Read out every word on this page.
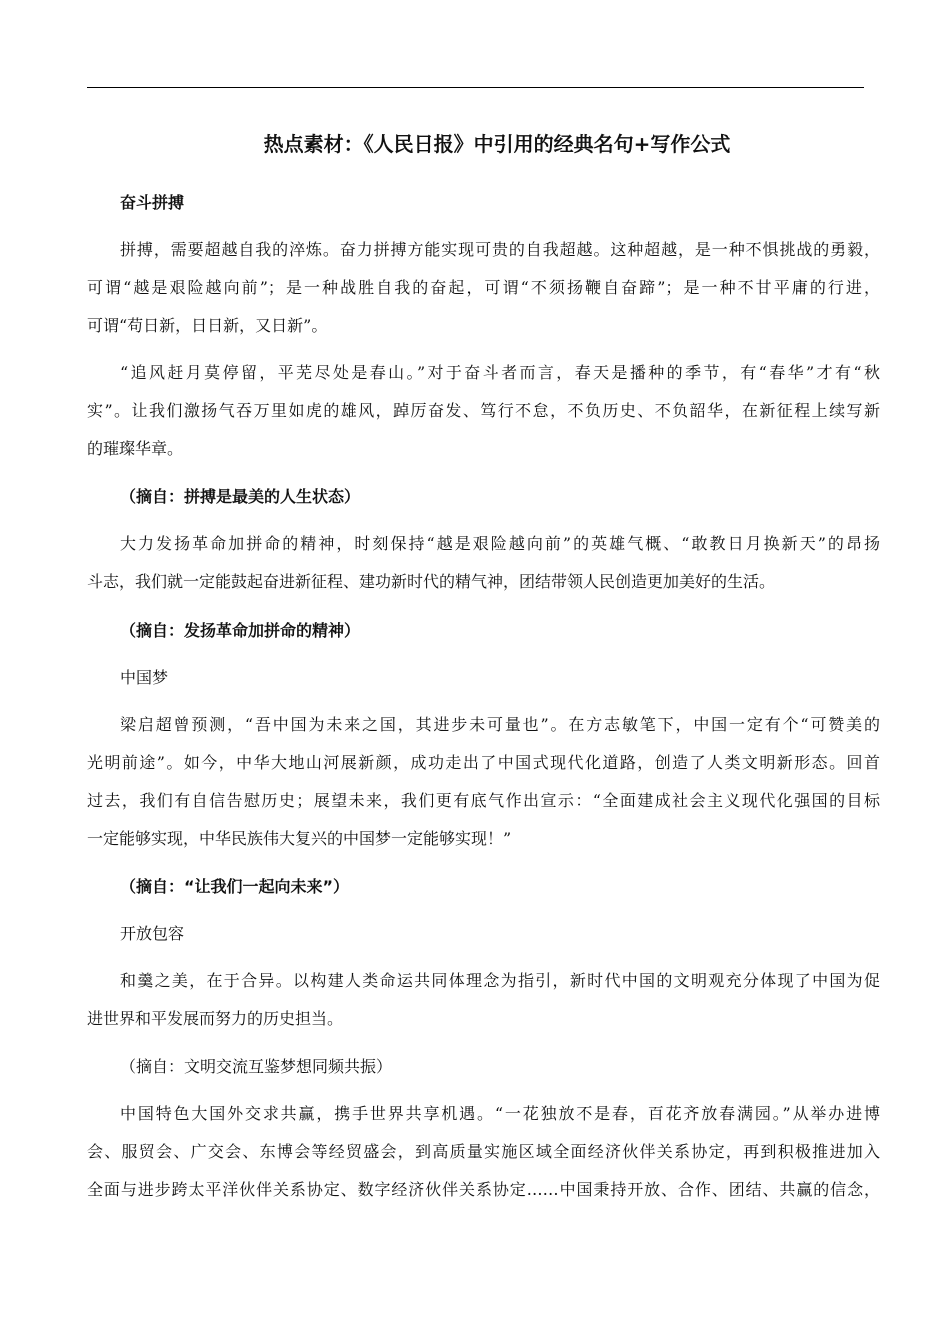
热点素材：《人民日报》中引用的经典名句+写作公式
奋斗拼搏
拼搏，需要超越自我的淬炼。奋力拼搏方能实现可贵的自我超越。这种超越，是一种不惧挑战的勇毅，
可谓“越是艰险越向前”；是一种战胜自我的奋起，可谓“不须扬鞭自奋蹄”；是一种不甘平庸的行进，
可谓“苟日新，日日新，又日新”。
“追风赶月莫停留，平芜尽处是春山。”对于奋斗者而言，春天是播种的季节，有“春华”才有“秋
实”。让我们激扬气吞万里如虎的雄风，踔厉奋发、笃行不怠，不负历史、不负韶华，在新征程上续写新
的璀璨华章。
（摘自：拼搏是最美的人生状态）
大力发扬革命加拼命的精神，时刻保持“越是艰险越向前”的英雄气概、“敢教日月换新天”的昂扬
斗志，我们就一定能鼓起奋进新征程、建功新时代的精气神，团结带领人民创造更加美好的生活。
（摘自：发扬革命加拼命的精神）
中国梦
梁启超曾预测，“吾中国为未来之国，其进步未可量也”。在方志敏笔下，中国一定有个“可赞美的
光明前途”。如今，中华大地山河展新颜，成功走出了中国式现代化道路，创造了人类文明新形态。回首
过去，我们有自信告慰历史；展望未来，我们更有底气作出宣示：“全面建成社会主义现代化强国的目标
一定能够实现，中华民族伟大复兴的中国梦一定能够实现！”
（摘自：“让我们一起向未来”）
开放包容
和羹之美，在于合异。以构建人类命运共同体理念为指引，新时代中国的文明观充分体现了中国为促
进世界和平发展而努力的历史担当。
（摘自：文明交流互鉴梦想同频共振）
中国特色大国外交求共赢，携手世界共享机遇。“一花独放不是春，百花齐放春满园。”从举办进博
会、服贸会、广交会、东博会等经贸盛会，到高质量实施区域全面经济伙伴关系协定，再到积极推进加入
全面与进步跨太平洋伙伴关系协定、数字经济伙伴关系协定……中国秉持开放、合作、团结、共赢的信念，
